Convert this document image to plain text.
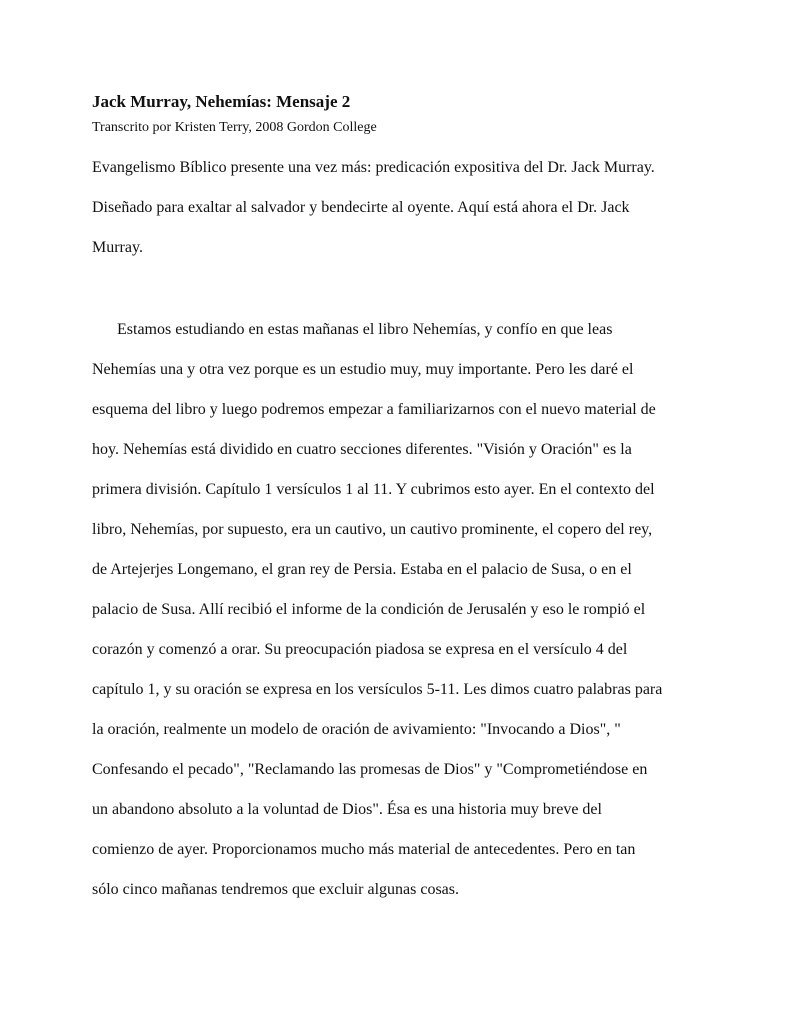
Jack Murray, Nehemías: Mensaje 2
Transcrito por Kristen Terry, 2008 Gordon College
Evangelismo Bíblico presente una vez más: predicación expositiva del Dr. Jack Murray.
Diseñado para exaltar al salvador y bendecirte al oyente. Aquí está ahora el Dr. Jack
Murray.
Estamos estudiando en estas mañanas el libro Nehemías, y confío en que leas
Nehemías una y otra vez porque es un estudio muy, muy importante. Pero les daré el
esquema del libro y luego podremos empezar a familiarizarnos con el nuevo material de
hoy. Nehemías está dividido en cuatro secciones diferentes. "Visión y Oración" es la
primera división. Capítulo 1 versículos 1 al 11. Y cubrimos esto ayer. En el contexto del
libro, Nehemías, por supuesto, era un cautivo, un cautivo prominente, el copero del rey,
de Artejerjes Longemano, el gran rey de Persia. Estaba en el palacio de Susa, o en el
palacio de Susa. Allí recibió el informe de la condición de Jerusalén y eso le rompió el
corazón y comenzó a orar. Su preocupación piadosa se expresa en el versículo 4 del
capítulo 1, y su oración se expresa en los versículos 5-11. Les dimos cuatro palabras para
la oración, realmente un modelo de oración de avivamiento: "Invocando a Dios", "
Confesando el pecado", "Reclamando las promesas de Dios" y "Comprometiéndose en
un abandono absoluto a la voluntad de Dios". Ésa es una historia muy breve del
comienzo de ayer. Proporcionamos mucho más material de antecedentes. Pero en tan
sólo cinco mañanas tendremos que excluir algunas cosas.
